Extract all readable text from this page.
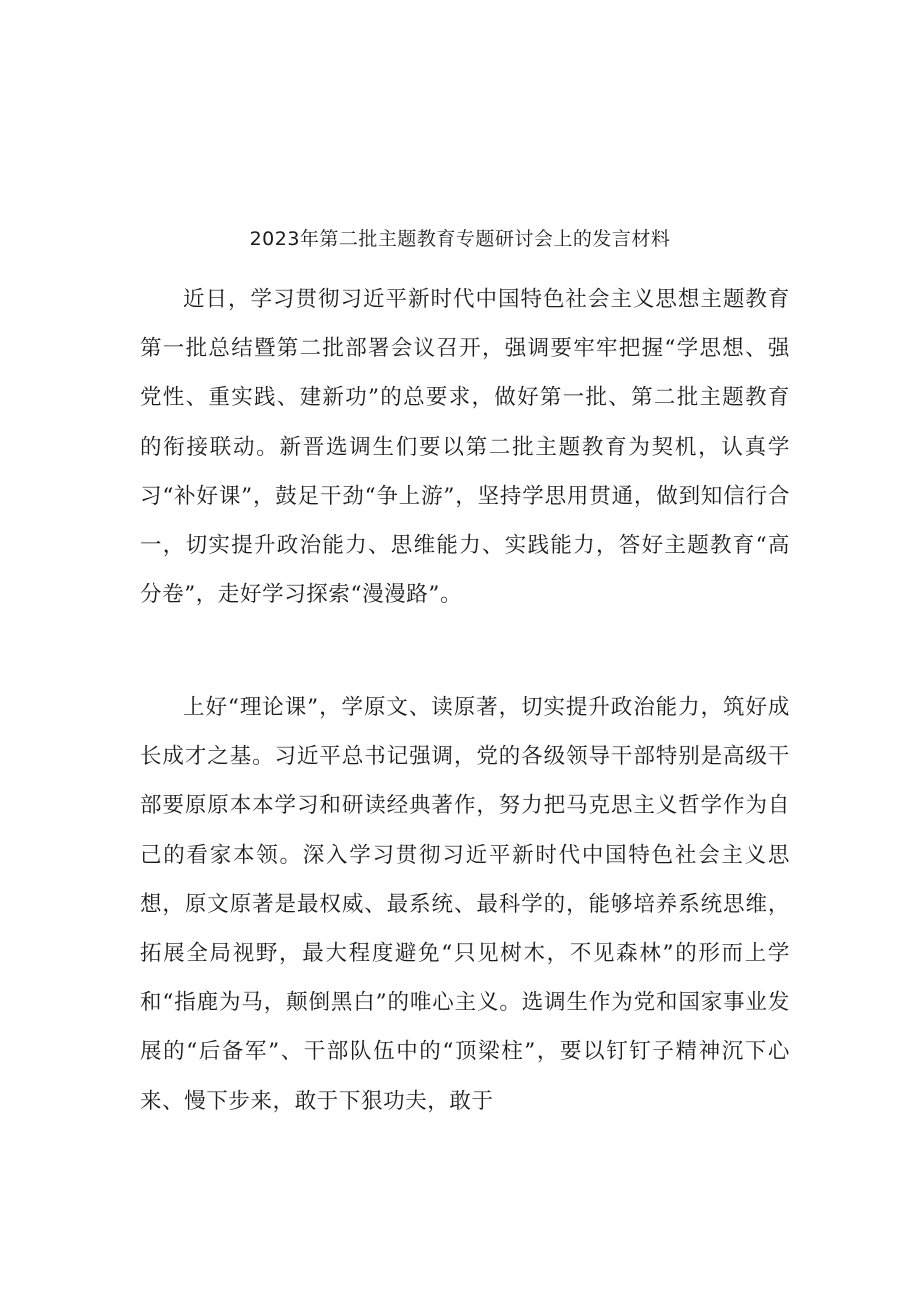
2023年第二批主题教育专题研讨会上的发言材料

近日，学习贯彻习近平新时代中国特色社会主义思想主题教育第一批总结暨第二批部署会议召开，强调要牢牢把握“学思想、强党性、重实践、建新功”的总要求，做好第一批、第二批主题教育的衔接联动。新晋选调生们要以第二批主题教育为契机，认真学习“补好课”，鼓足干劲“争上游”，坚持学思用贯通，做到知信行合一，切实提升政治能力、思维能力、实践能力，答好主题教育“高分卷”，走好学习探索“漫漫路”。

上好“理论课”，学原文、读原著，切实提升政治能力，筑好成长成才之基。习近平总书记强调，党的各级领导干部特别是高级干部要原原本本学习和研读经典著作，努力把马克思主义哲学作为自己的看家本领。深入学习贯彻习近平新时代中国特色社会主义思想，原文原著是最权威、最系统、最科学的，能够培养系统思维，拓展全局视野，最大程度避免“只见树木，不见森林”的形而上学和“指鹿为马，颠倒黑白”的唯心主义。选调生作为党和国家事业发展的“后备军”、干部队伍中的“顶梁柱”，要以钉钉子精神沉下心来、慢下步来，敢于下狠功夫，敢于
